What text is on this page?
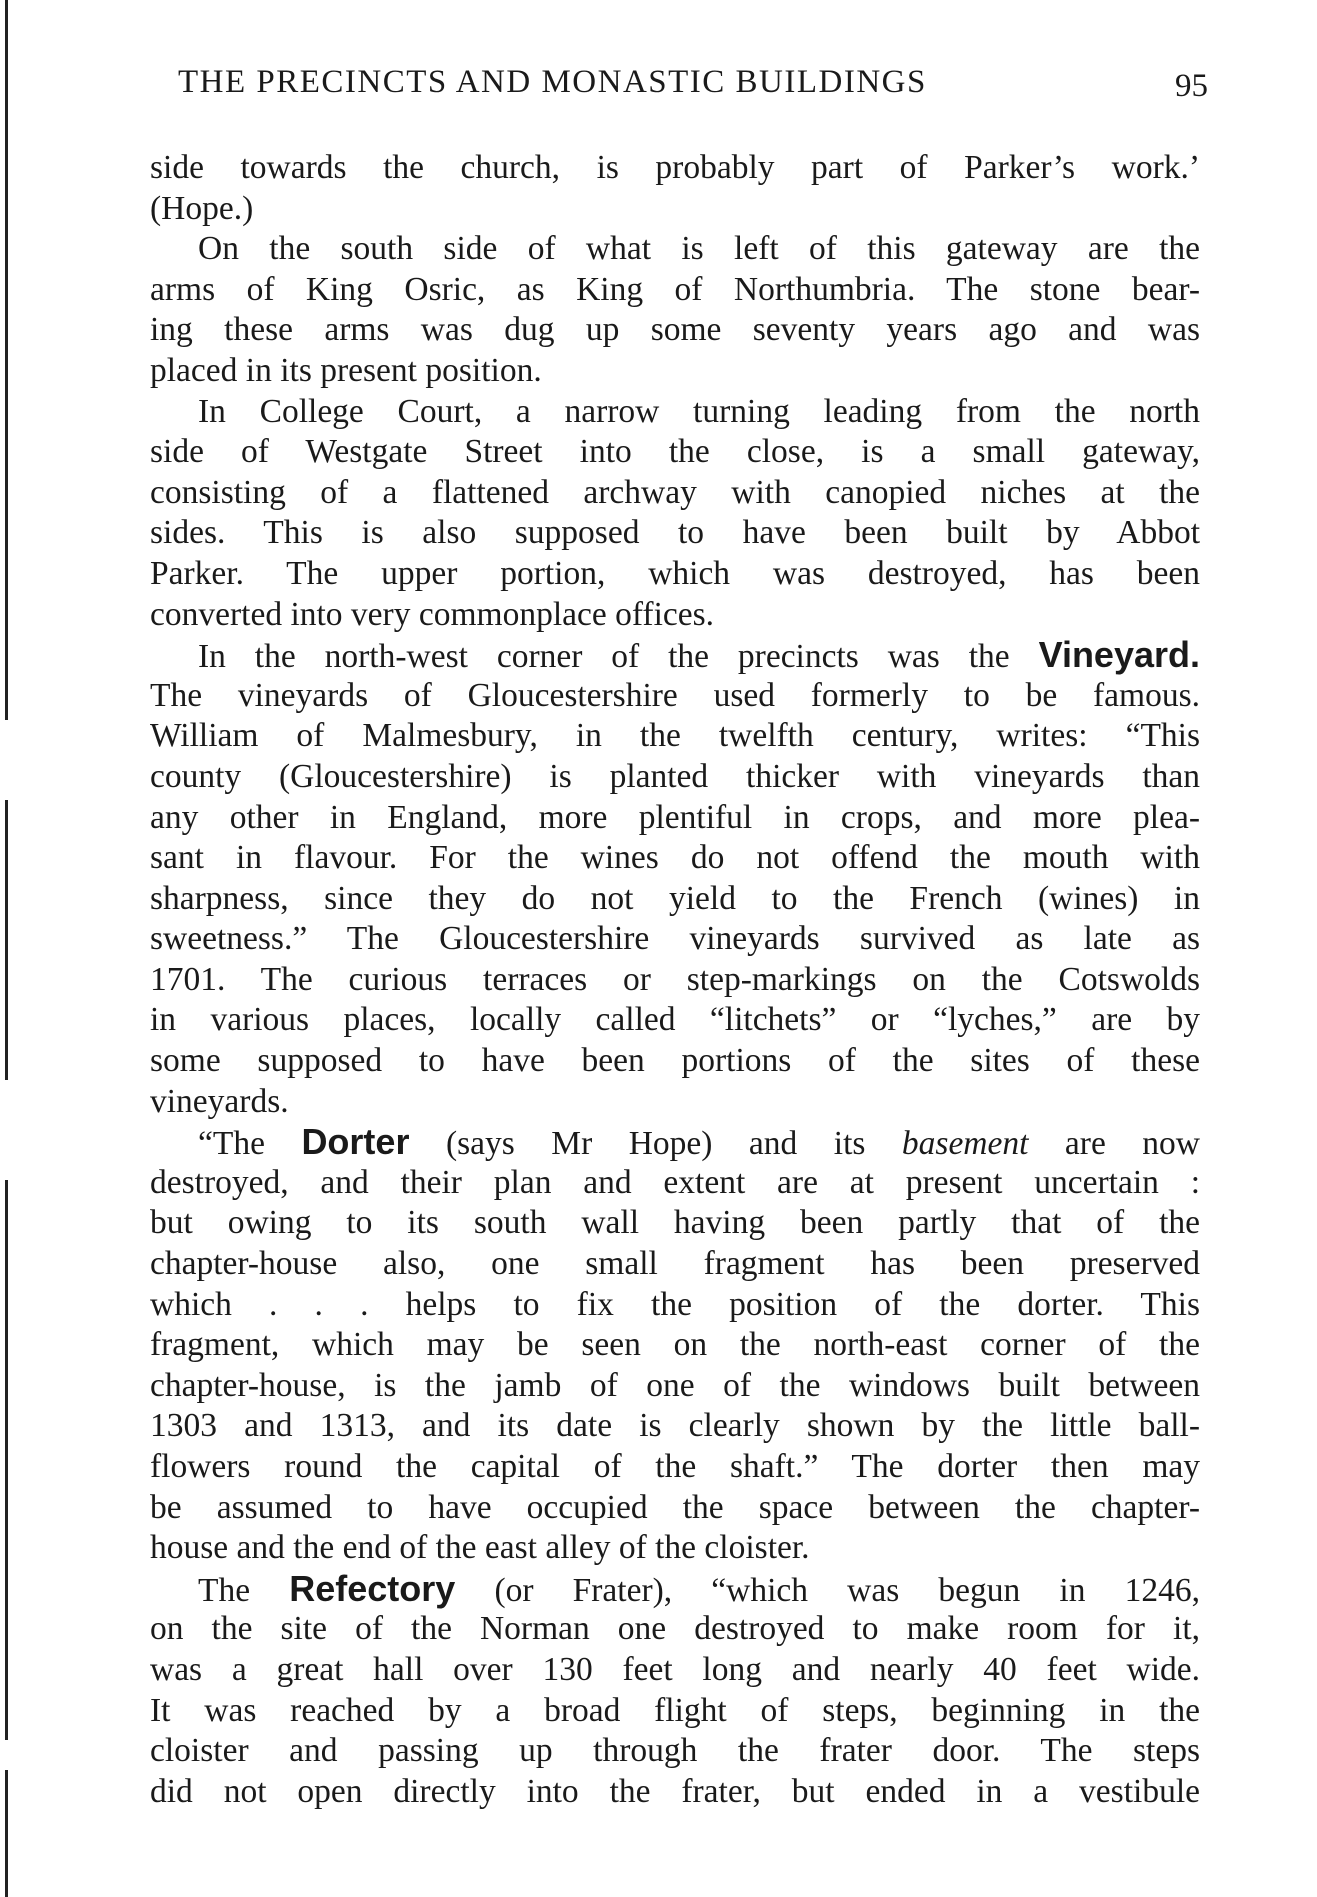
THE PRECINCTS AND MONASTIC BUILDINGS	95
side towards the church, is probably part of Parker’s work.’
(Hope.)
On the south side of what is left of this gateway are the
arms of King Osric, as King of Northumbria. The stone bear-
ing these arms was dug up some seventy years ago and was
placed in its present position.
In College Court, a narrow turning leading from the north
side of Westgate Street into the close, is a small gateway,
consisting of a flattened archway with canopied niches at the
sides. This is also supposed to have been built by Abbot
Parker. The upper portion, which was destroyed, has been
converted into very commonplace offices.
In the north-west corner of the precincts was the Vineyard.
The vineyards of Gloucestershire used formerly to be famous.
William of Malmesbury, in the twelfth century, writes: “This
county (Gloucestershire) is planted thicker with vineyards than
any other in England, more plentiful in crops, and more plea-
sant in flavour. For the wines do not offend the mouth with
sharpness, since they do not yield to the French (wines) in
sweetness.” The Gloucestershire vineyards survived as late as
1701. The curious terraces or step-markings on the Cotswolds
in various places, locally called “litchets” or “lyches,” are by
some supposed to have been portions of the sites of these
vineyards.
“The Dorter (says Mr Hope) and its basement are now
destroyed, and their plan and extent are at present uncertain :
but owing to its south wall having been partly that of the
chapter-house also, one small fragment has been preserved
which . . . helps to fix the position of the dorter. This
fragment, which may be seen on the north-east corner of the
chapter-house, is the jamb of one of the windows built between
1303 and 1313, and its date is clearly shown by the little ball-
flowers round the capital of the shaft.” The dorter then may
be assumed to have occupied the space between the chapter-
house and the end of the east alley of the cloister.
The Refectory (or Frater), “which was begun in 1246,
on the site of the Norman one destroyed to make room for it,
was a great hall over 130 feet long and nearly 40 feet wide.
It was reached by a broad flight of steps, beginning in the
cloister and passing up through the frater door. The steps
did not open directly into the frater, but ended in a vestibule
